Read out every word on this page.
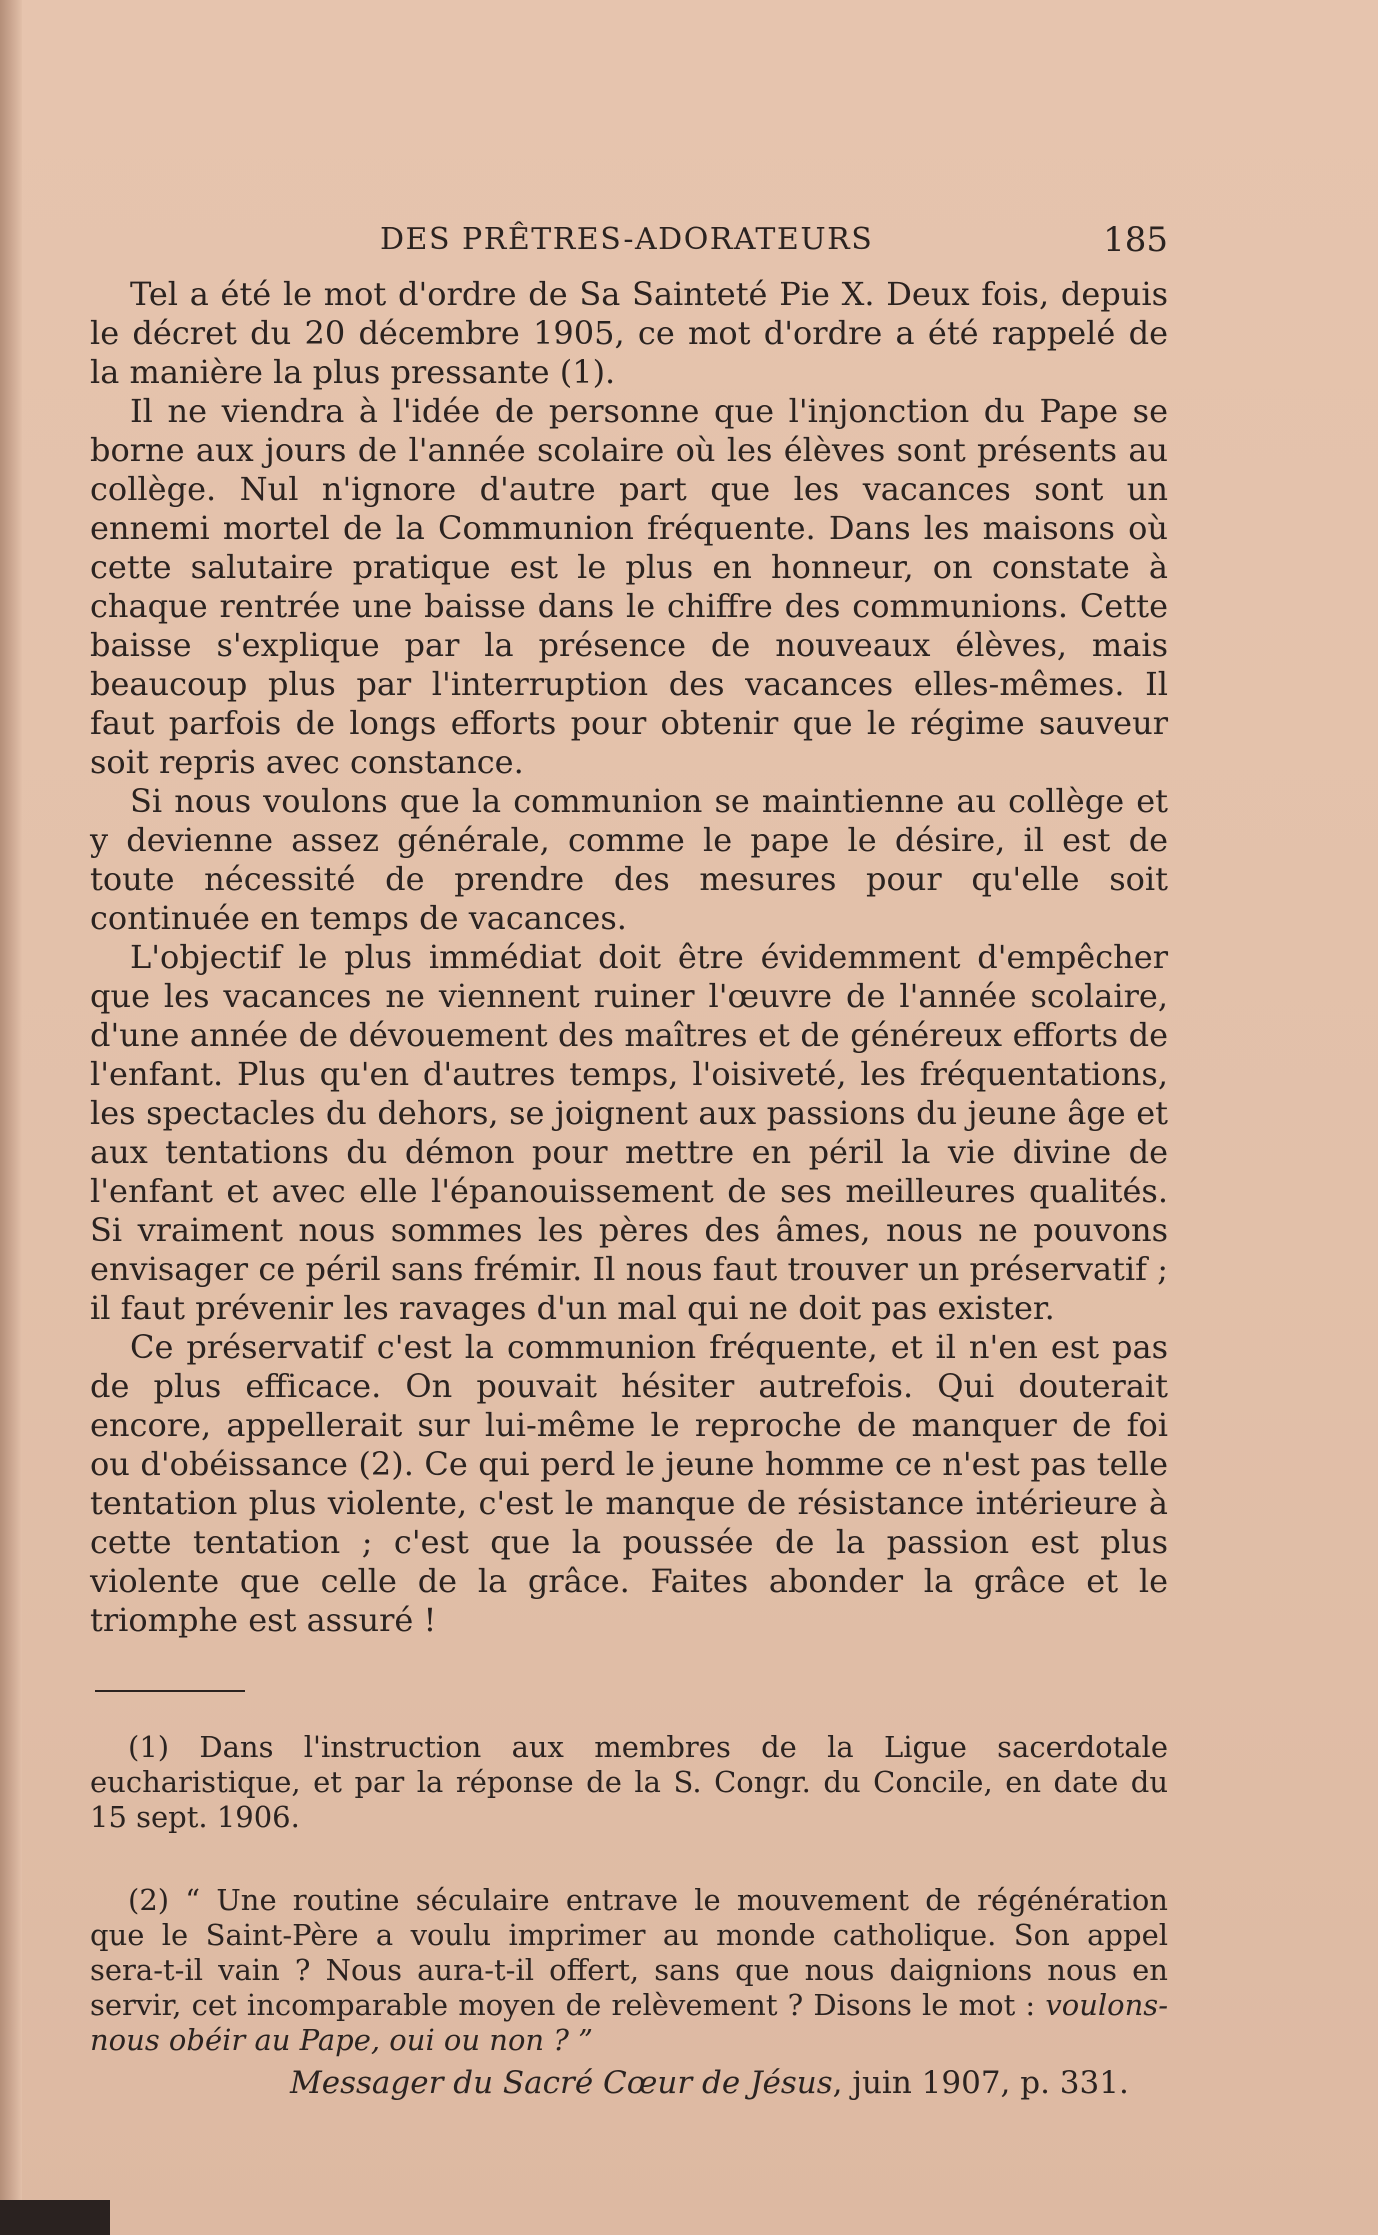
DES PRÊTRES-ADORATEURS	185

Tel a été le mot d'ordre de Sa Sainteté Pie X. Deux fois, depuis le décret du 20 décembre 1905, ce mot d'ordre a été rappelé de la manière la plus pressante (1).

Il ne viendra à l'idée de personne que l'injonction du Pape se borne aux jours de l'année scolaire où les élèves sont présents au collège. Nul n'ignore d'autre part que les vacances sont un ennemi mortel de la Communion fréquente. Dans les maisons où cette salutaire pratique est le plus en honneur, on constate à chaque rentrée une baisse dans le chiffre des communions. Cette baisse s'explique par la présence de nouveaux élèves, mais beaucoup plus par l'interruption des vacances elles-mêmes. Il faut parfois de longs efforts pour obtenir que le régime sauveur soit repris avec constance.

Si nous voulons que la communion se maintienne au collège et y devienne assez générale, comme le pape le désire, il est de toute nécessité de prendre des mesures pour qu'elle soit continuée en temps de vacances.

L'objectif le plus immédiat doit être évidemment d'empêcher que les vacances ne viennent ruiner l'œuvre de l'année scolaire, d'une année de dévouement des maîtres et de généreux efforts de l'enfant. Plus qu'en d'autres temps, l'oisiveté, les fréquentations, les spectacles du dehors, se joignent aux passions du jeune âge et aux tentations du démon pour mettre en péril la vie divine de l'enfant et avec elle l'épanouissement de ses meilleures qualités. Si vraiment nous sommes les pères des âmes, nous ne pouvons envisager ce péril sans frémir. Il nous faut trouver un préservatif ; il faut prévenir les ravages d'un mal qui ne doit pas exister.

Ce préservatif c'est la communion fréquente, et il n'en est pas de plus efficace. On pouvait hésiter autrefois. Qui douterait encore, appellerait sur lui-même le reproche de manquer de foi ou d'obéissance (2). Ce qui perd le jeune homme ce n'est pas telle tentation plus violente, c'est le manque de résistance intérieure à cette tentation ; c'est que la poussée de la passion est plus violente que celle de la grâce. Faites abonder la grâce et le triomphe est assuré !

(1) Dans l'instruction aux membres de la Ligue sacerdotale eucharistique, et par la réponse de la S. Congr. du Concile, en date du 15 sept. 1906.

(2) “ Une routine séculaire entrave le mouvement de régénération que le Saint-Père a voulu imprimer au monde catholique. Son appel sera-t-il vain ? Nous aura-t-il offert, sans que nous daignions nous en servir, cet incomparable moyen de relèvement ? Disons le mot : voulons-nous obéir au Pape, oui ou non ? ”

Messager du Sacré Cœur de Jésus, juin 1907, p. 331.
